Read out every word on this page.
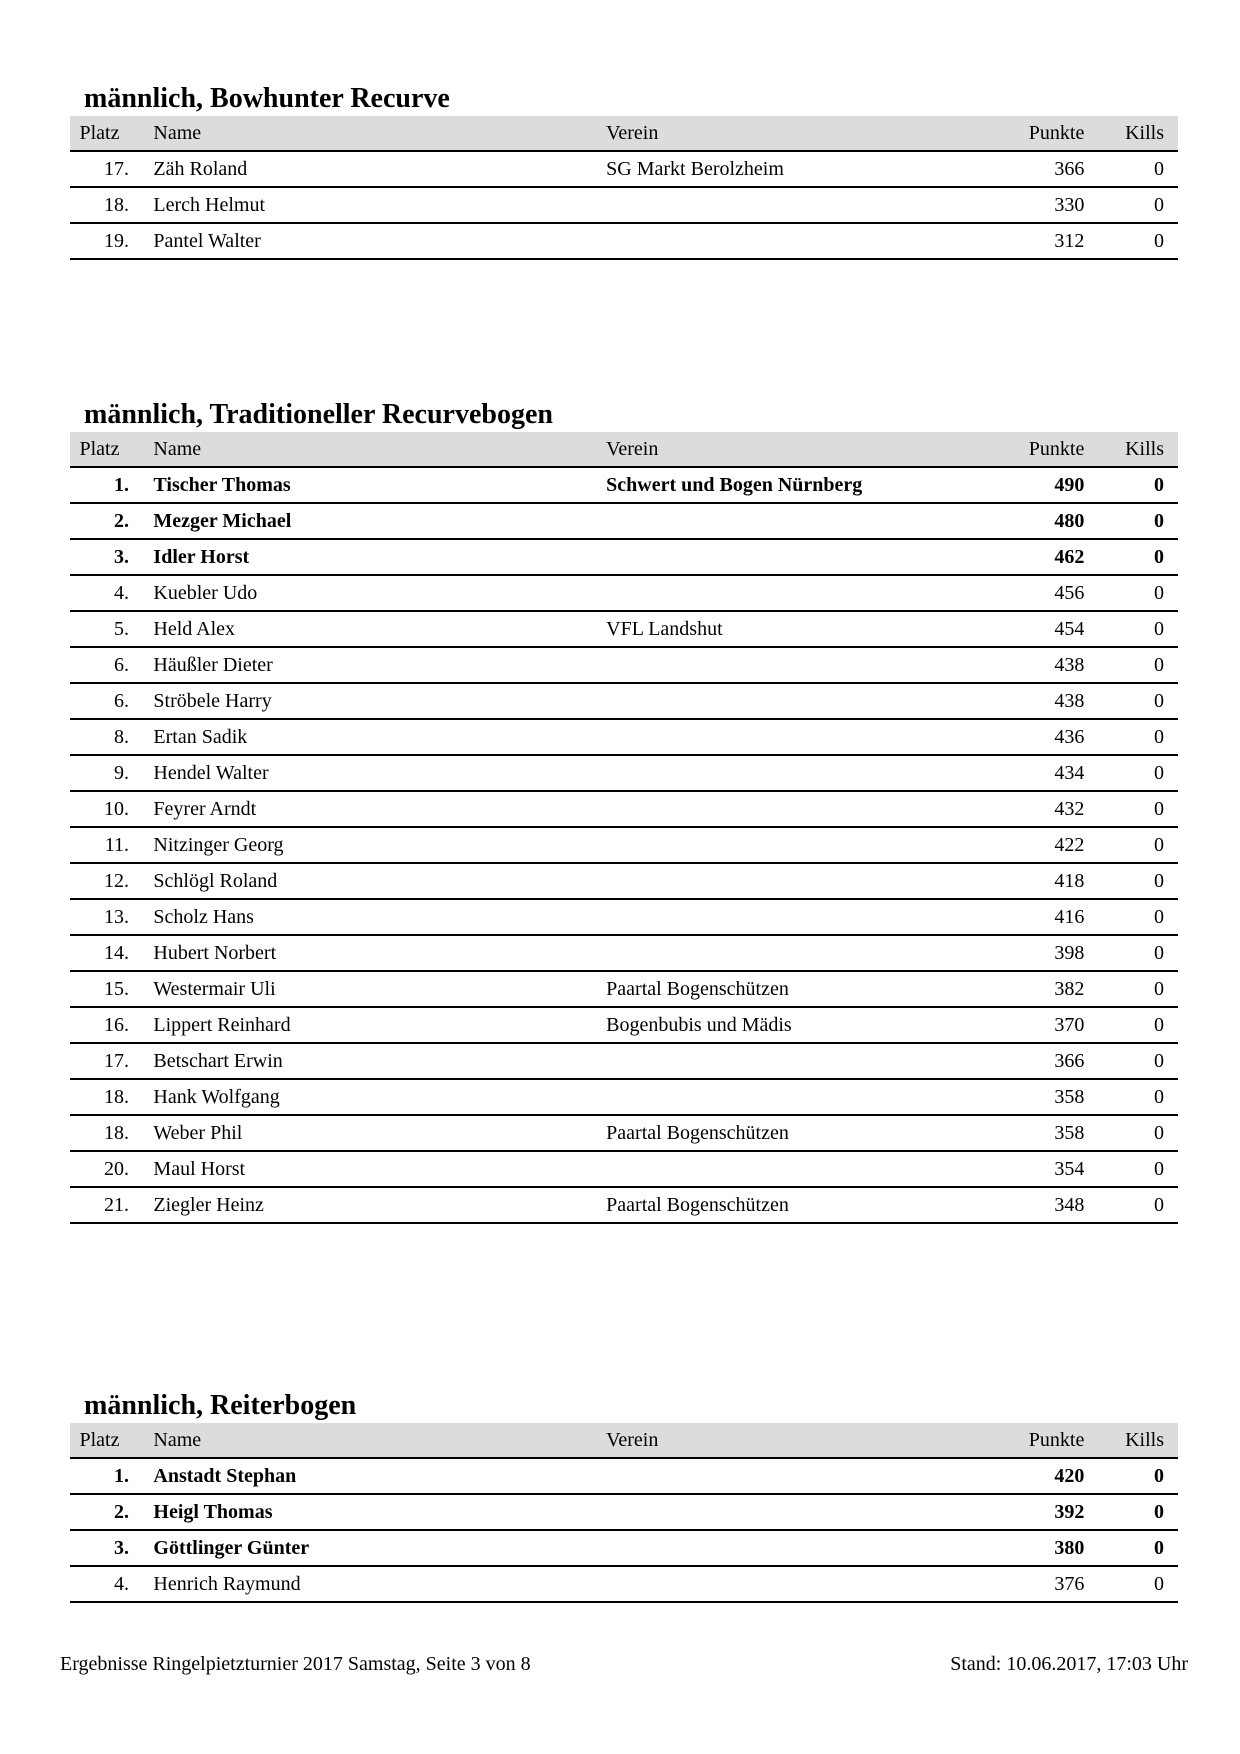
männlich, Bowhunter Recurve
Platz		Name	Verein	Punkte	Kills
17.		Zäh Roland	SG Markt Berolzheim	366	0
18.		Lerch Helmut		330	0
19.		Pantel Walter		312	0
männlich, Traditioneller Recurvebogen
Platz		Name	Verein	Punkte	Kills
1.		Tischer Thomas	Schwert und Bogen Nürnberg	490	0
2.		Mezger Michael		480	0
3.		Idler Horst		462	0
4.		Kuebler Udo		456	0
5.		Held Alex	VFL Landshut	454	0
6.		Häußler Dieter		438	0
6.		Ströbele Harry		438	0
8.		Ertan Sadik		436	0
9.		Hendel Walter		434	0
10.		Feyrer Arndt		432	0
11.		Nitzinger Georg		422	0
12.		Schlögl Roland		418	0
13.		Scholz Hans		416	0
14.		Hubert Norbert		398	0
15.		Westermair Uli	Paartal Bogenschützen	382	0
16.		Lippert Reinhard	Bogenbubis und Mädis	370	0
17.		Betschart Erwin		366	0
18.		Hank Wolfgang		358	0
18.		Weber Phil	Paartal Bogenschützen	358	0
20.		Maul Horst		354	0
21.		Ziegler Heinz	Paartal Bogenschützen	348	0
männlich, Reiterbogen
Platz		Name	Verein	Punkte	Kills
1.		Anstadt Stephan		420	0
2.		Heigl Thomas		392	0
3.		Göttlinger Günter		380	0
4.		Henrich Raymund		376	0
Ergebnisse Ringelpietzturnier 2017 Samstag, Seite 3 von 8	Stand: 10.06.2017, 17:03 Uhr
